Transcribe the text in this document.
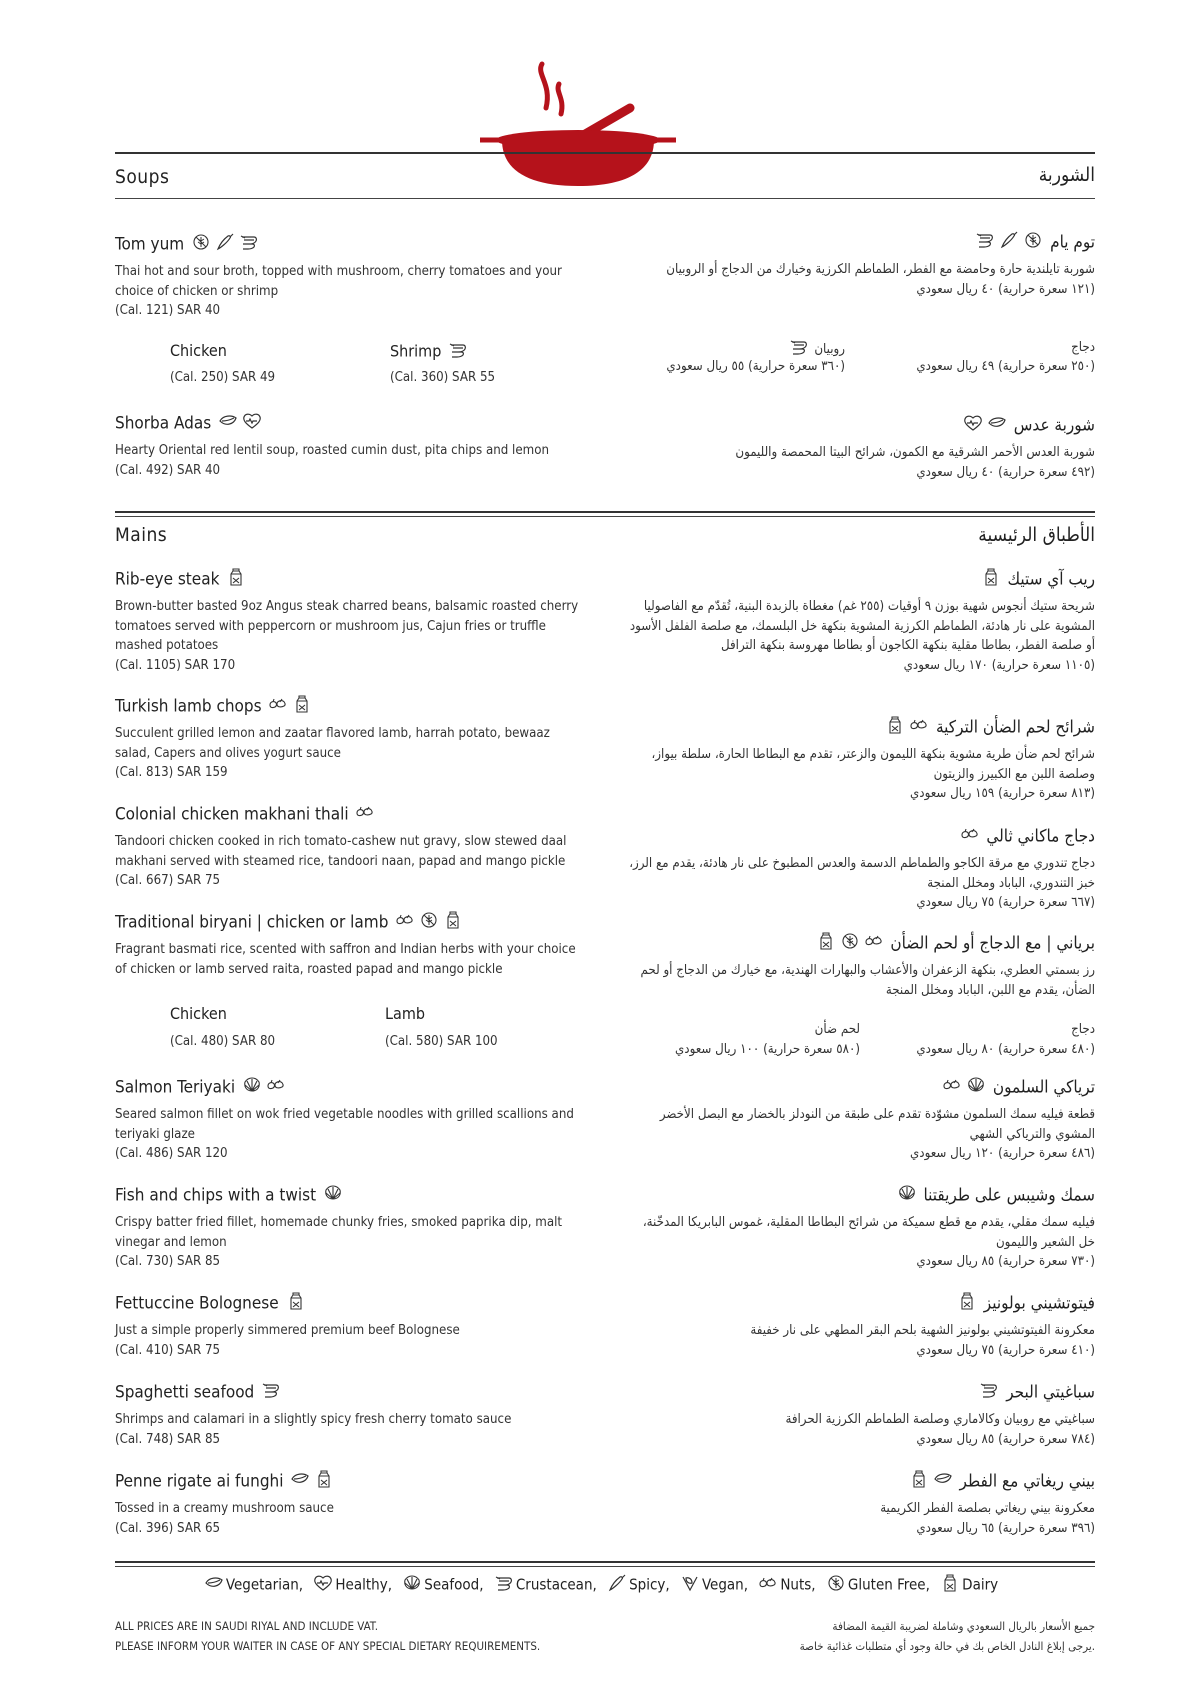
Soups	الشوربة
Tom yum
Thai hot and sour broth, topped with mushroom, cherry tomatoes and your choice of chicken or shrimp
(Cal. 121) SAR 40
توم يام
شوربة تايلندية حارة وحامضة مع الفطر، الطماطم الكرزية وخيارك من الدجاج أو الروبيان
(١٢١ سعرة حرارية) ٤٠ ريال سعودي
Chicken
(Cal. 250) SAR 49
Shrimp
(Cal. 360) SAR 55
دجاج
(٢٥٠ سعرة حرارية) ٤٩ ريال سعودي
روبيان
(٣٦٠ سعرة حرارية) ٥٥ ريال سعودي
Shorba Adas
Hearty Oriental red lentil soup, roasted cumin dust, pita chips and lemon
(Cal. 492) SAR 40
شوربة عدس
شوربة العدس الأحمر الشرقية مع الكمون، شرائح البيتا المحمصة والليمون
(٤٩٢ سعرة حرارية) ٤٠ ريال سعودي
Mains	الأطباق الرئيسية
Rib-eye steak
Brown-butter basted 9oz Angus steak charred beans, balsamic roasted cherry tomatoes served with peppercorn or mushroom jus, Cajun fries or truffle mashed potatoes
(Cal. 1105) SAR 170
ريب آي ستيك
شريحة ستيك أنجوس شهية بوزن ٩ أوقيات (٢٥٥ غم) مغطاة بالزبدة البنية، تُقدّم مع الفاصوليا المشوية على نار هادئة، الطماطم الكرزية المشوية بنكهة خل البلسمك، مع صلصة الفلفل الأسود أو صلصة الفطر، بطاطا مقلية بنكهة الكاجون أو بطاطا مهروسة بنكهة الترافل
(١١٠٥ سعرة حرارية) ١٧٠ ريال سعودي
Turkish lamb chops
Succulent grilled lemon and zaatar flavored lamb, harrah potato, bewaaz salad, Capers and olives yogurt sauce
(Cal. 813) SAR 159
شرائح لحم الضأن التركية
شرائح لحم ضأن طرية مشوية بنكهة الليمون والزعتر، تقدم مع البطاطا الحارة، سلطة بيواز، وصلصة اللبن مع الكبيرز والزيتون
(٨١٣ سعرة حرارية) ١٥٩ ريال سعودي
Colonial chicken makhani thali
Tandoori chicken cooked in rich tomato-cashew nut gravy, slow stewed daal makhani served with steamed rice, tandoori naan, papad and mango pickle
(Cal. 667) SAR 75
دجاج ماكاني ثالي
دجاج تندوري مع مرقة الكاجو والطماطم الدسمة والعدس المطبوخ على نار هادئة، يقدم مع الرز، خبز التندوري، الباباد ومخلل المنجة
(٦٦٧ سعرة حرارية) ٧٥ ريال سعودي
Traditional biryani | chicken or lamb
Fragrant basmati rice, scented with saffron and Indian herbs with your choice of chicken or lamb served raita, roasted papad and mango pickle
برياني | مع الدجاج أو لحم الضأن
رز بسمتي العطري، بنكهة الزعفران والأعشاب والبهارات الهندية، مع خيارك من الدجاج أو لحم الضأن، يقدم مع اللبن، الباباد ومخلل المنجة
Chicken
(Cal. 480) SAR 80
Lamb
(Cal. 580) SAR 100
دجاج
(٤٨٠ سعرة حرارية) ٨٠ ريال سعودي
لحم ضأن
(٥٨٠ سعرة حرارية) ١٠٠ ريال سعودي
Salmon Teriyaki
Seared salmon fillet on wok fried vegetable noodles with grilled scallions and teriyaki glaze
(Cal. 486) SAR 120
ترياكي السلمون
قطعة فيليه سمك السلمون مشوّدة تقدم على طبقة من النودلز بالخضار مع البصل الأخضر المشوي والترياكي الشهي
(٤٨٦ سعرة حرارية) ١٢٠ ريال سعودي
Fish and chips with a twist
Crispy batter fried fillet, homemade chunky fries, smoked paprika dip, malt vinegar and lemon
(Cal. 730) SAR 85
سمك وشيبس على طريقتنا
فيليه سمك مقلي، يقدم مع قطع سميكة من شرائح البطاطا المقلية، غموس البابريكا المدخّنة، خل الشعير والليمون
(٧٣٠ سعرة حرارية) ٨٥ ريال سعودي
Fettuccine Bolognese
Just a simple properly simmered premium beef Bolognese
(Cal. 410) SAR 75
فيتوتشيني بولونيز
معكرونة الفيتوتشيني بولونيز الشهية بلحم البقر المطهي على نار خفيفة
(٤١٠ سعرة حرارية) ٧٥ ريال سعودي
Spaghetti seafood
Shrimps and calamari in a slightly spicy fresh cherry tomato sauce
(Cal. 748) SAR 85
سباغيتي البحر
سباغيتي مع روبيان وكالاماري وصلصة الطماطم الكرزية الحرافة
(٧٨٤ سعرة حرارية) ٨٥ ريال سعودي
Penne rigate ai funghi
Tossed in a creamy mushroom sauce
(Cal. 396) SAR 65
بيني ريغاتي مع الفطر
معكرونة بيني ريغاتي بصلصة الفطر الكريمية
(٣٩٦ سعرة حرارية) ٦٥ ريال سعودي
Vegetarian, Healthy, Seafood, Crustacean, Spicy, Vegan, Nuts, Gluten Free, Dairy
ALL PRICES ARE IN SAUDI RIYAL AND INCLUDE VAT.
PLEASE INFORM YOUR WAITER IN CASE OF ANY SPECIAL DIETARY REQUIREMENTS.
جميع الأسعار بالريال السعودي وشاملة لضريبة القيمة المضافة
.يرجى إبلاغ النادل الخاص بك في حالة وجود أي متطلبات غذائية خاصة
